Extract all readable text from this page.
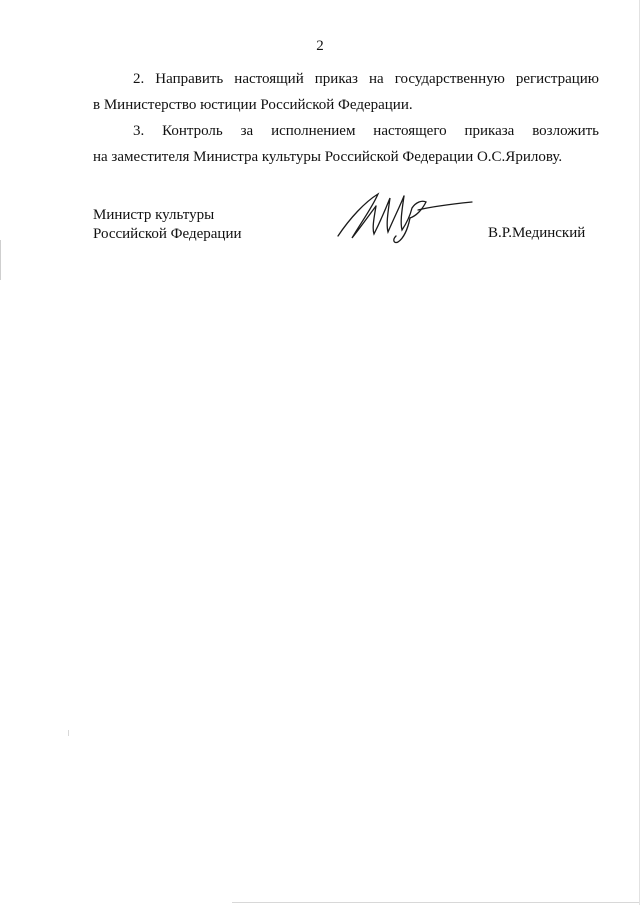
2
2. Направить настоящий приказ на государственную регистрацию
в Министерство юстиции Российской Федерации.
3. Контроль за исполнением настоящего приказа возложить
на заместителя Министра культуры Российской Федерации О.С.Ярилову.
Министр культуры
Российской Федерации	В.Р.Мединский
